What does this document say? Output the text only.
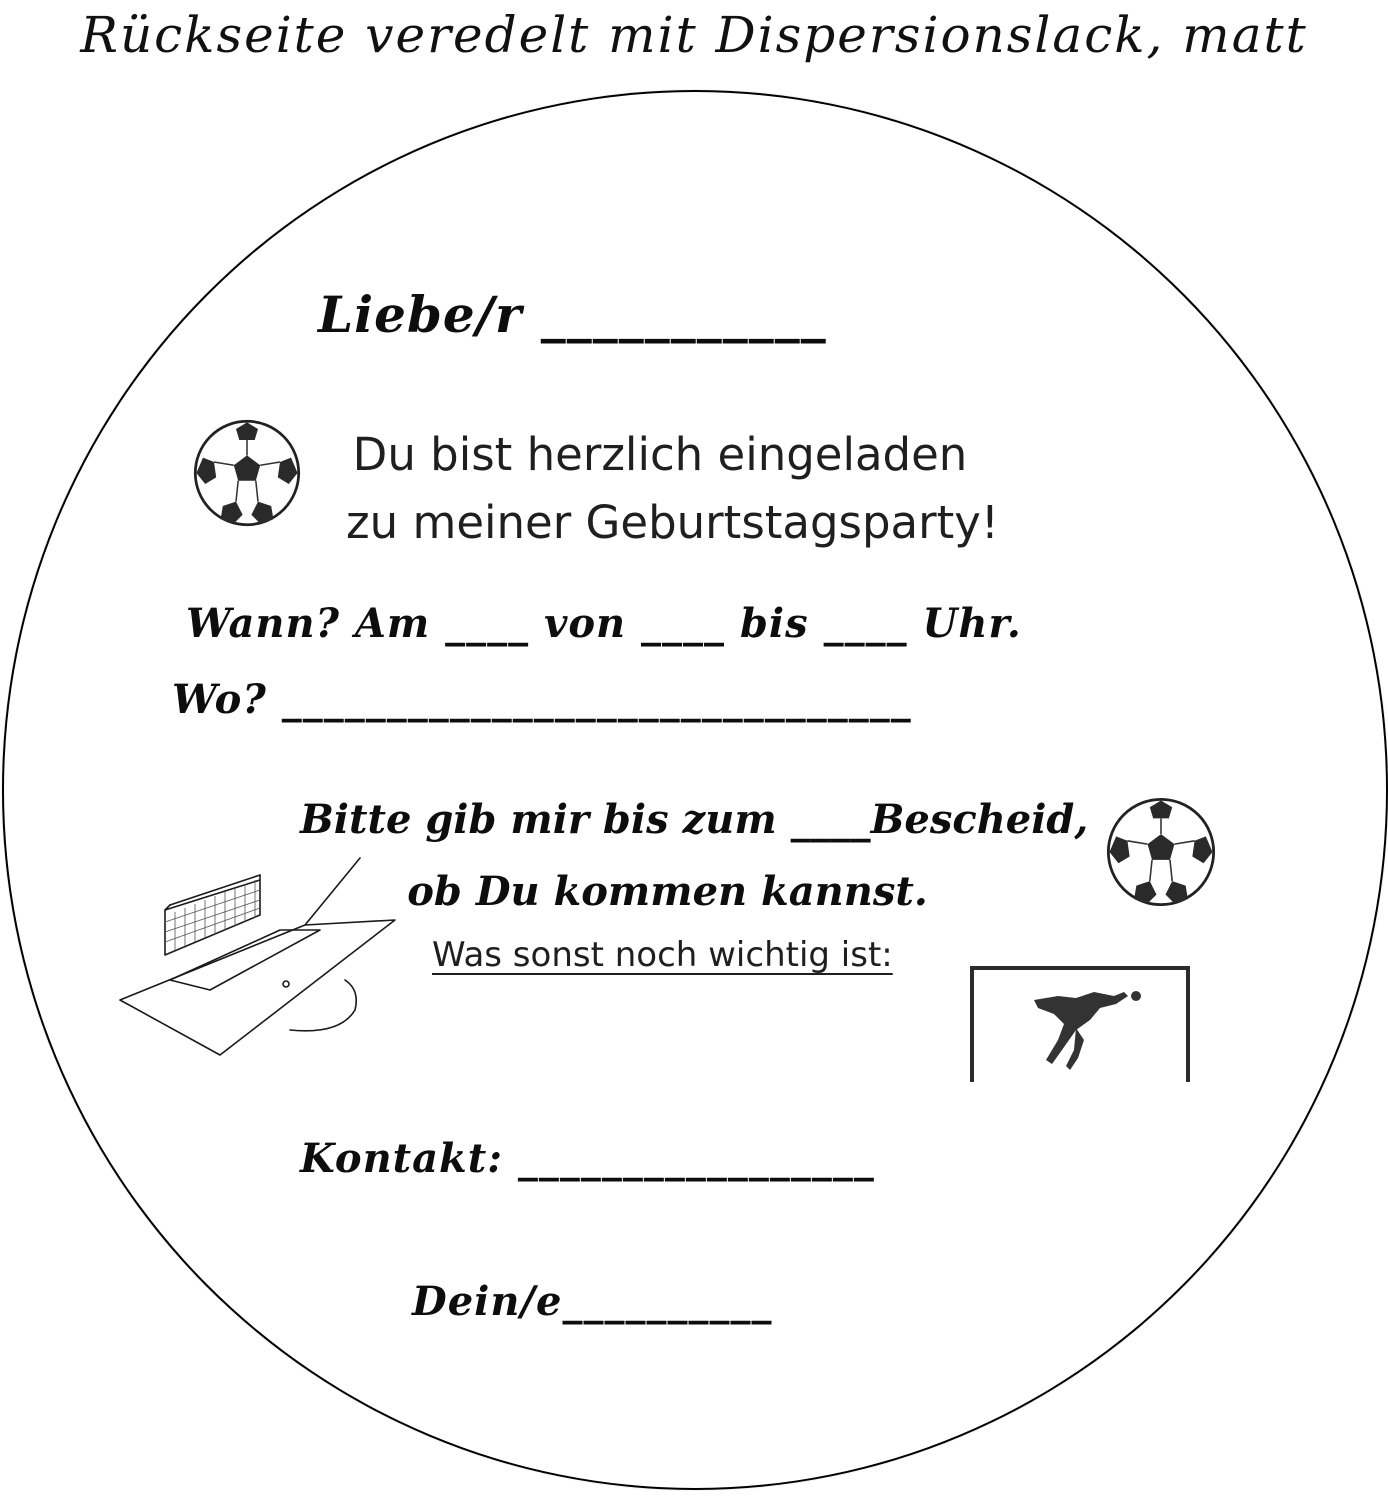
Rückseite veredelt mit Dispersionslack, matt
Liebe/r ___________
Du bist herzlich eingeladen
zu meiner Geburtstagsparty!
Wann? Am ____ von ____ bis ____ Uhr.
Wo? ______________________________
Bitte gib mir bis zum ____Bescheid,
ob Du kommen kannst.
Was sonst noch wichtig ist:
Kontakt: _________________
Dein/e__________
